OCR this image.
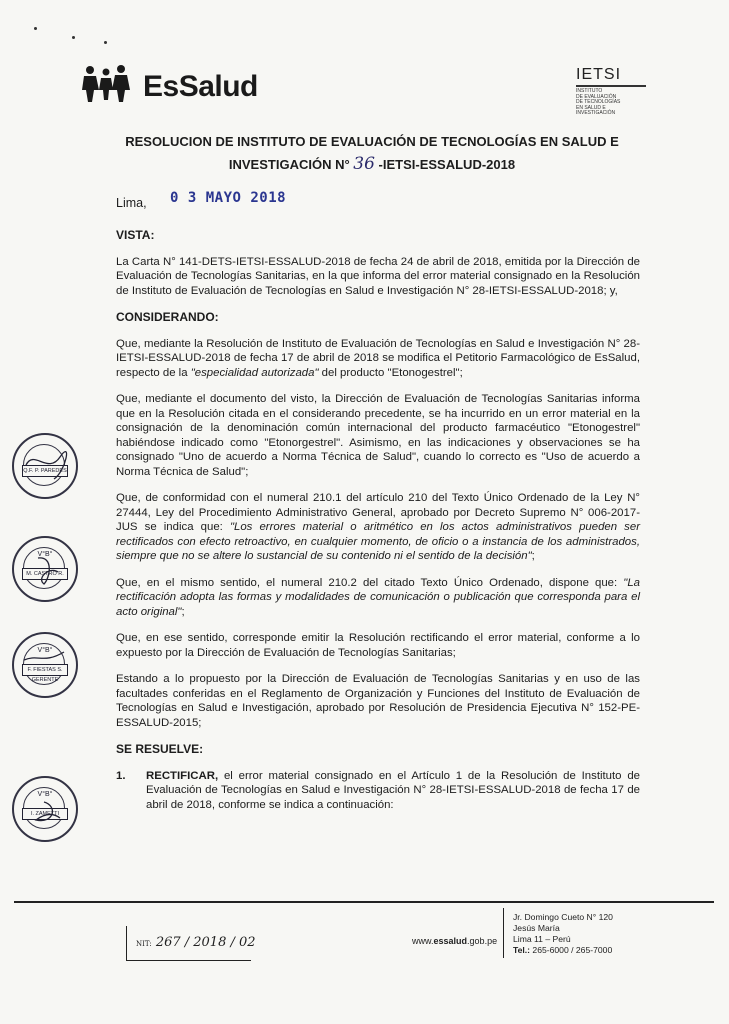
EsSalud	IETSI
INSTITUTO
DE EVALUACIÓN
DE TECNOLOGÍAS
EN SALUD E
INVESTIGACIÓN
RESOLUCION DE INSTITUTO DE EVALUACIÓN DE TECNOLOGÍAS EN SALUD E
INVESTIGACIÓN N° 36 -IETSI-ESSALUD-2018
Lima, 0 3 MAYO 2018
VISTA:

La Carta N° 141-DETS-IETSI-ESSALUD-2018 de fecha 24 de abril de 2018, emitida por la Dirección de Evaluación de Tecnologías Sanitarias, en la que informa del error material consignado en la Resolución de Instituto de Evaluación de Tecnologías en Salud e Investigación N° 28-IETSI-ESSALUD-2018; y,

CONSIDERANDO:

Que, mediante la Resolución de Instituto de Evaluación de Tecnologías en Salud e Investigación N° 28-IETSI-ESSALUD-2018 de fecha 17 de abril de 2018 se modifica el Petitorio Farmacológico de EsSalud, respecto de la "especialidad autorizada" del producto "Etonogestrel";

Que, mediante el documento del visto, la Dirección de Evaluación de Tecnologías Sanitarias informa que en la Resolución citada en el considerando precedente, se ha incurrido en un error material en la consignación de la denominación común internacional del producto farmacéutico "Etonogestrel" habiéndose indicado como "Etonorgestrel". Asimismo, en las indicaciones y observaciones se ha consignado "Uno de acuerdo a Norma Técnica de Salud", cuando lo correcto es "Uso de acuerdo a Norma Técnica de Salud";

Que, de conformidad con el numeral 210.1 del artículo 210 del Texto Único Ordenado de la Ley N° 27444, Ley del Procedimiento Administrativo General, aprobado por Decreto Supremo N° 006-2017-JUS se indica que: "Los errores material o aritmético en los actos administrativos pueden ser rectificados con efecto retroactivo, en cualquier momento, de oficio o a instancia de los administrados, siempre que no se altere lo sustancial de su contenido ni el sentido de la decisión";

Que, en el mismo sentido, el numeral 210.2 del citado Texto Único Ordenado, dispone que: "La rectificación adopta las formas y modalidades de comunicación o publicación que corresponda para el acto original";

Que, en ese sentido, corresponde emitir la Resolución rectificando el error material, conforme a lo expuesto por la Dirección de Evaluación de Tecnologías Sanitarias;

Estando a lo propuesto por la Dirección de Evaluación de Tecnologías Sanitarias y en uso de las facultades conferidas en el Reglamento de Organización y Funciones del Instituto de Evaluación de Tecnologías en Salud e Investigación, aprobado por Resolución de Presidencia Ejecutiva N° 152-PE-ESSALUD-2015;

SE RESUELVE:
1.	RECTIFICAR, el error material consignado en el Artículo 1 de la Resolución de Instituto de Evaluación de Tecnologías en Salud e Investigación N° 28-IETSI-ESSALUD-2018 de fecha 17 de abril de 2018, conforme se indica a continuación:
Q.F. P. PAREDES
V°B°
M. CASTRO R.
V°B°
F. FIESTAS S. GERENTE
V°B°
I. ZAMETTI
NIT: 267 / 2018 / 02	www.essalud.gob.pe
Jr. Domingo Cueto N° 120
Jesús María
Lima 11 – Perú
Tel.: 265-6000 / 265-7000
